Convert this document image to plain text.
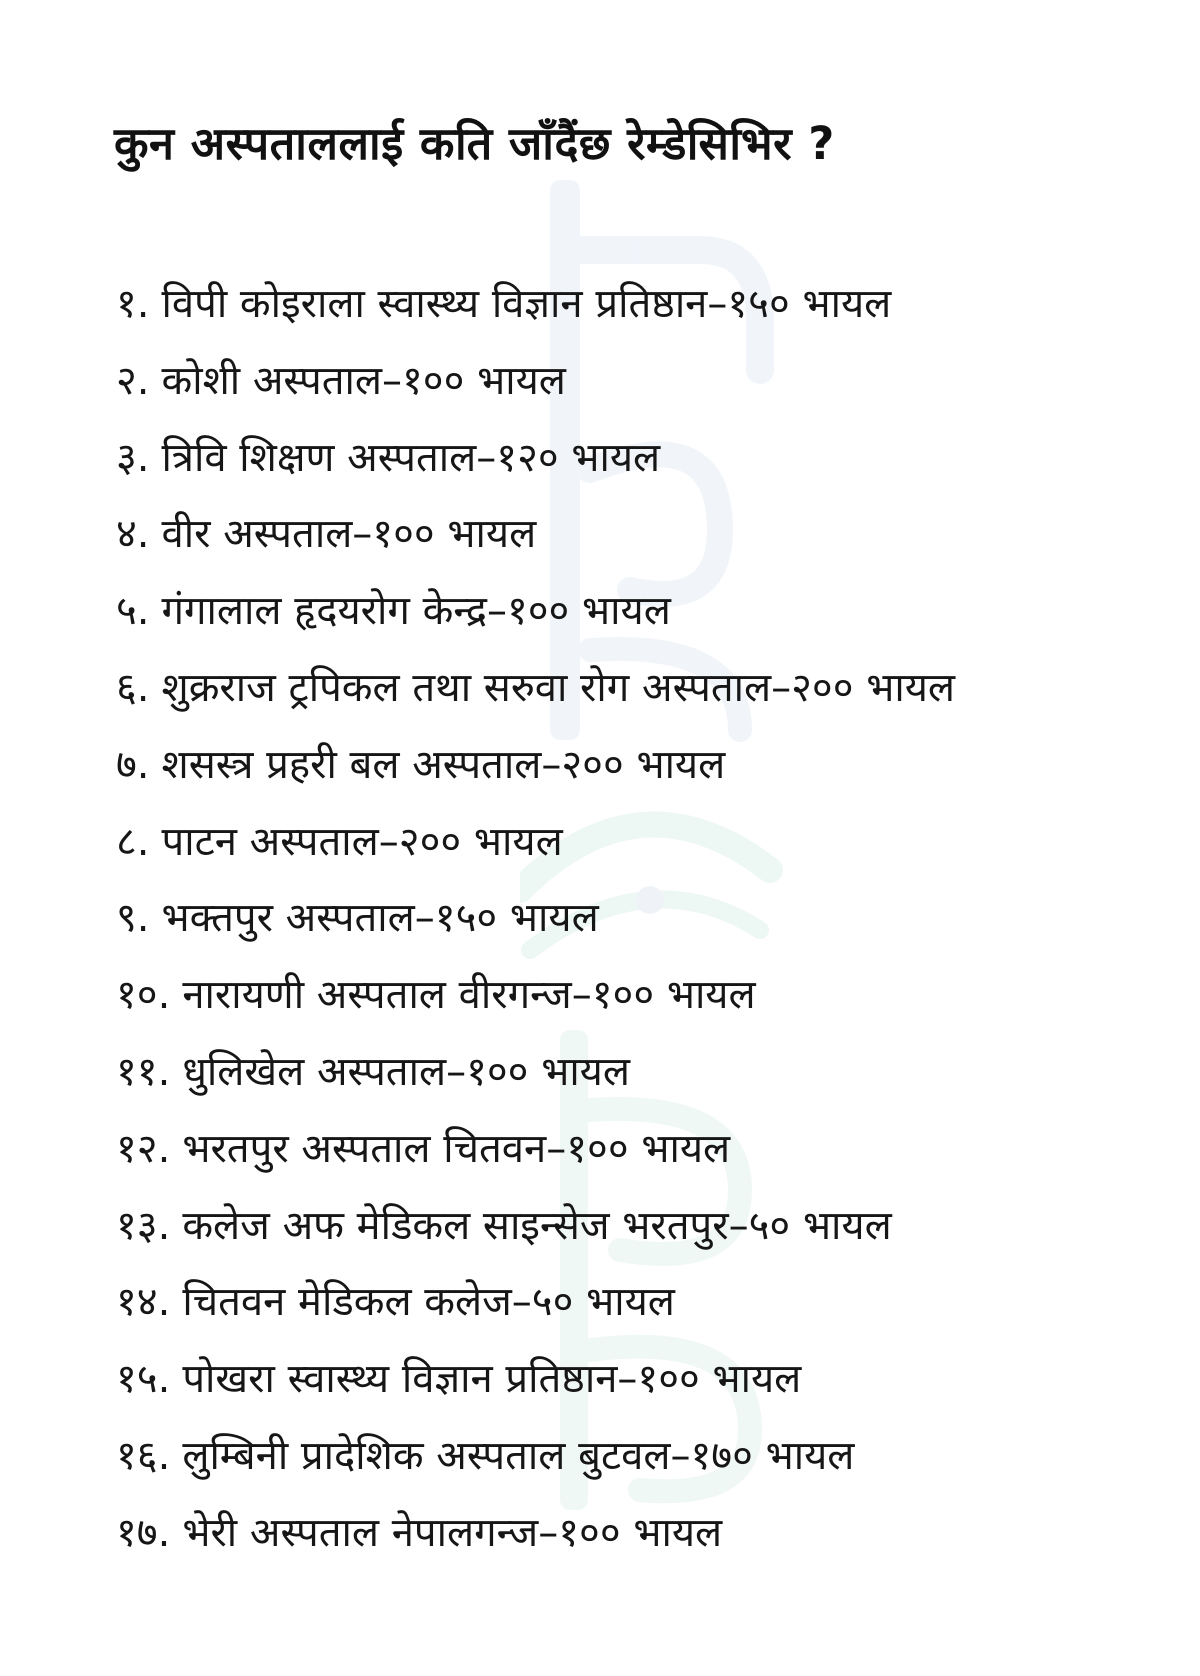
कुन अस्पताललाई कति जाँदैंछ रेम्डेसिभिर ?
१. विपी कोइराला स्वास्थ्य विज्ञान प्रतिष्ठान–१५० भायल
२. कोशी अस्पताल–१०० भायल
३. त्रिवि शिक्षण अस्पताल–१२० भायल
४. वीर अस्पताल–१०० भायल
५. गंगालाल हृदयरोग केन्द्र–१०० भायल
६. शुक्रराज ट्रपिकल तथा सरुवा रोग अस्पताल–२०० भायल
७. शसस्त्र प्रहरी बल अस्पताल–२०० भायल
८. पाटन अस्पताल–२०० भायल
९. भक्तपुर अस्पताल–१५० भायल
१०. नारायणी अस्पताल वीरगन्ज–१०० भायल
११. धुलिखेल अस्पताल–१०० भायल
१२. भरतपुर अस्पताल चितवन–१०० भायल
१३. कलेज अफ मेडिकल साइन्सेज भरतपुर–५० भायल
१४. चितवन मेडिकल कलेज–५० भायल
१५. पोखरा स्वास्थ्य विज्ञान प्रतिष्ठान–१०० भायल
१६. लुम्बिनी प्रादेशिक अस्पताल बुटवल–१७० भायल
१७. भेरी अस्पताल नेपालगन्ज–१०० भायल
